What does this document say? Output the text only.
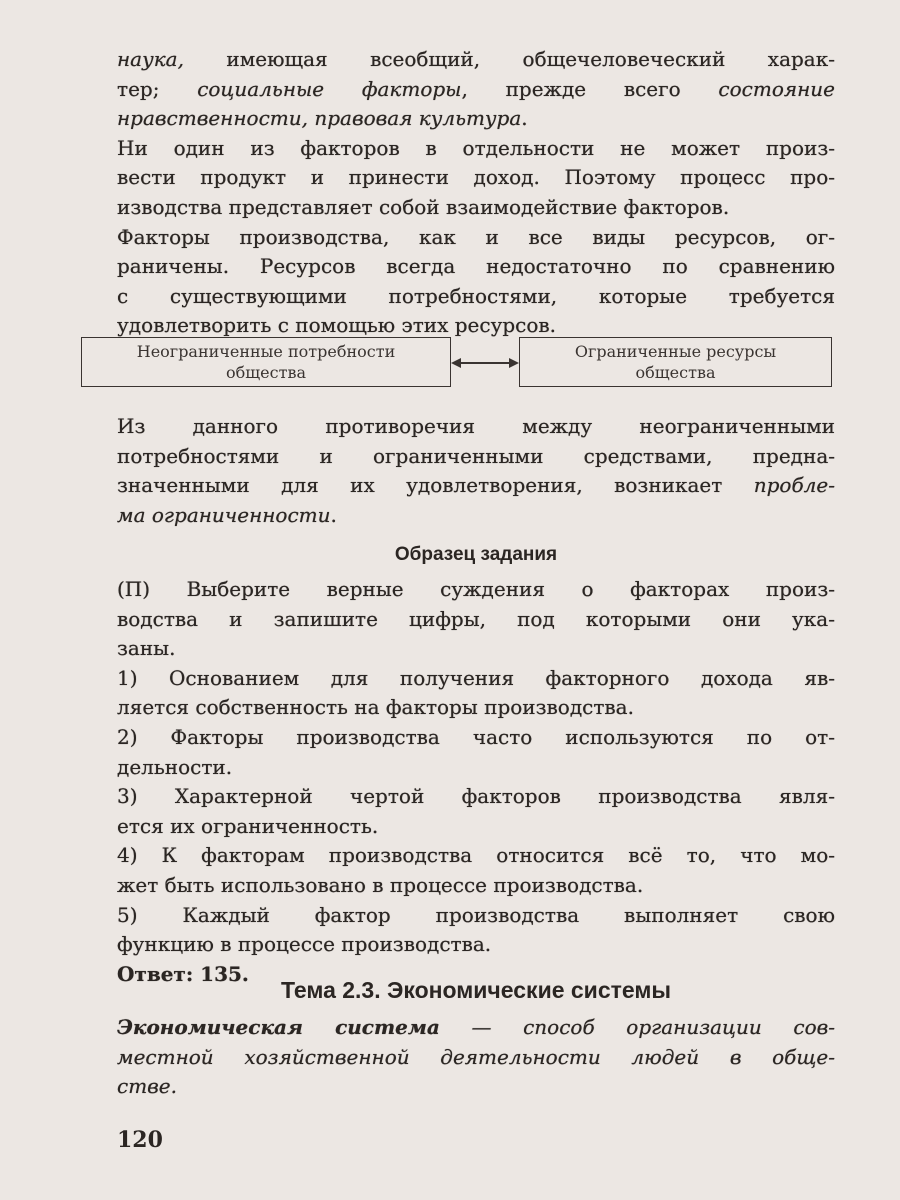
наука, имеющая всеобщий, общечеловеческий харак-
тер; социальные факторы, прежде всего состояние
нравственности, правовая культура.
Ни один из факторов в отдельности не может произ-
вести продукт и принести доход. Поэтому процесс про-
изводства представляет собой взаимодействие факторов.
Факторы производства, как и все виды ресурсов, ог-
раничены. Ресурсов всегда недостаточно по сравнению
с существующими потребностями, которые требуется
удовлетворить с помощью этих ресурсов.
Неограниченные потребности
общества
Ограниченные ресурсы
общества
Из данного противоречия между неограниченными
потребностями и ограниченными средствами, предна-
значенными для их удовлетворения, возникает пробле-
ма ограниченности.
Образец задания
(П) Выберите верные суждения о факторах произ-
водства и запишите цифры, под которыми они ука-
заны.
1) Основанием для получения факторного дохода яв-
ляется собственность на факторы производства.
2) Факторы производства часто используются по от-
дельности.
3) Характерной чертой факторов производства явля-
ется их ограниченность.
4) К факторам производства относится всё то, что мо-
жет быть использовано в процессе производства.
5) Каждый фактор производства выполняет свою
функцию в процессе производства.
Ответ: 135.
Тема 2.3. Экономические системы
Экономическая система — способ организации сов-
местной хозяйственной деятельности людей в обще-
стве.
120
